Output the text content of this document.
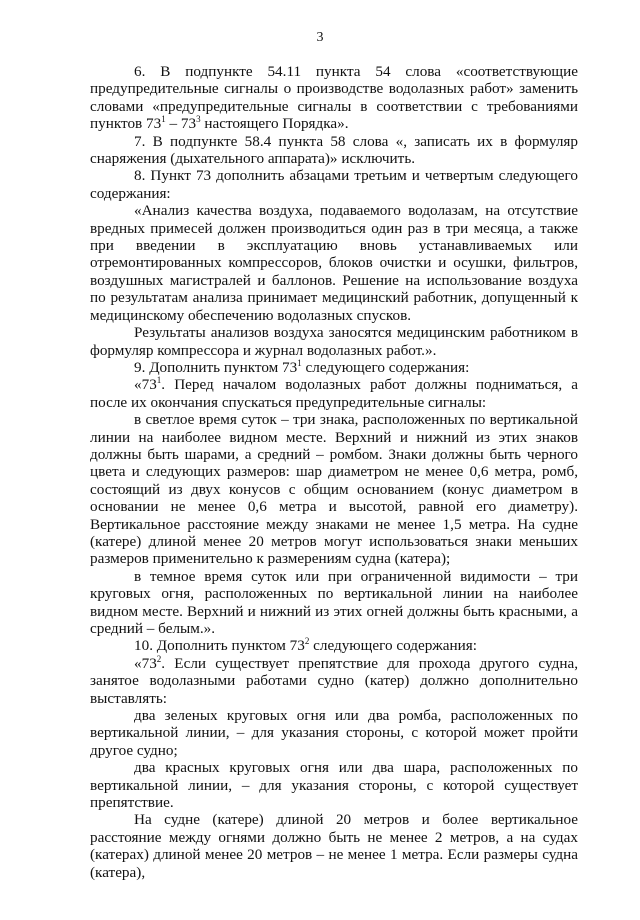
3

6. В подпункте 54.11 пункта 54 слова «соответствующие предупредительные сигналы о производстве водолазных работ» заменить словами «предупредительные сигналы в соответствии с требованиями пунктов $73^1 - 73^3$ настоящего Порядка».

7. В подпункте 58.4 пункта 58 слова «, записать их в формуляр снаряжения (дыхательного аппарата)» исключить.

8. Пункт 73 дополнить абзацами третьим и четвертым следующего содержания:

«Анализ качества воздуха, подаваемого водолазам, на отсутствие вредных примесей должен производиться один раз в три месяца, а также при введении в эксплуатацию вновь устанавливаемых или отремонтированных компрессоров, блоков очистки и осушки, фильтров, воздушных магистралей и баллонов. Решение на использование воздуха по результатам анализа принимает медицинский работник, допущенный к медицинскому обеспечению водолазных спусков.

Результаты анализов воздуха заносятся медицинским работником в формуляр компрессора и журнал водолазных работ.».

9. Дополнить пунктом $73^1$ следующего содержания:

«$73^1$. Перед началом водолазных работ должны подниматься, а после их окончания спускаться предупредительные сигналы:

в светлое время суток – три знака, расположенных по вертикальной линии на наиболее видном месте. Верхний и нижний из этих знаков должны быть шарами, а средний – ромбом. Знаки должны быть черного цвета и следующих размеров: шар диаметром не менее 0,6 метра, ромб, состоящий из двух конусов с общим основанием (конус диаметром в основании не менее 0,6 метра и высотой, равной его диаметру). Вертикальное расстояние между знаками не менее 1,5 метра. На судне (катере) длиной менее 20 метров могут использоваться знаки меньших размеров применительно к размерениям судна (катера);

в темное время суток или при ограниченной видимости – три круговых огня, расположенных по вертикальной линии на наиболее видном месте. Верхний и нижний из этих огней должны быть красными, а средний – белым.».

10. Дополнить пунктом $73^2$ следующего содержания:

«$73^2$. Если существует препятствие для прохода другого судна, занятое водолазными работами судно (катер) должно дополнительно выставлять:

два зеленых круговых огня или два ромба, расположенных по вертикальной линии, – для указания стороны, с которой может пройти другое судно;

два красных круговых огня или два шара, расположенных по вертикальной линии, – для указания стороны, с которой существует препятствие.

На судне (катере) длиной 20 метров и более вертикальное расстояние между огнями должно быть не менее 2 метров, а на судах (катерах) длиной менее 20 метров – не менее 1 метра. Если размеры судна (катера),
